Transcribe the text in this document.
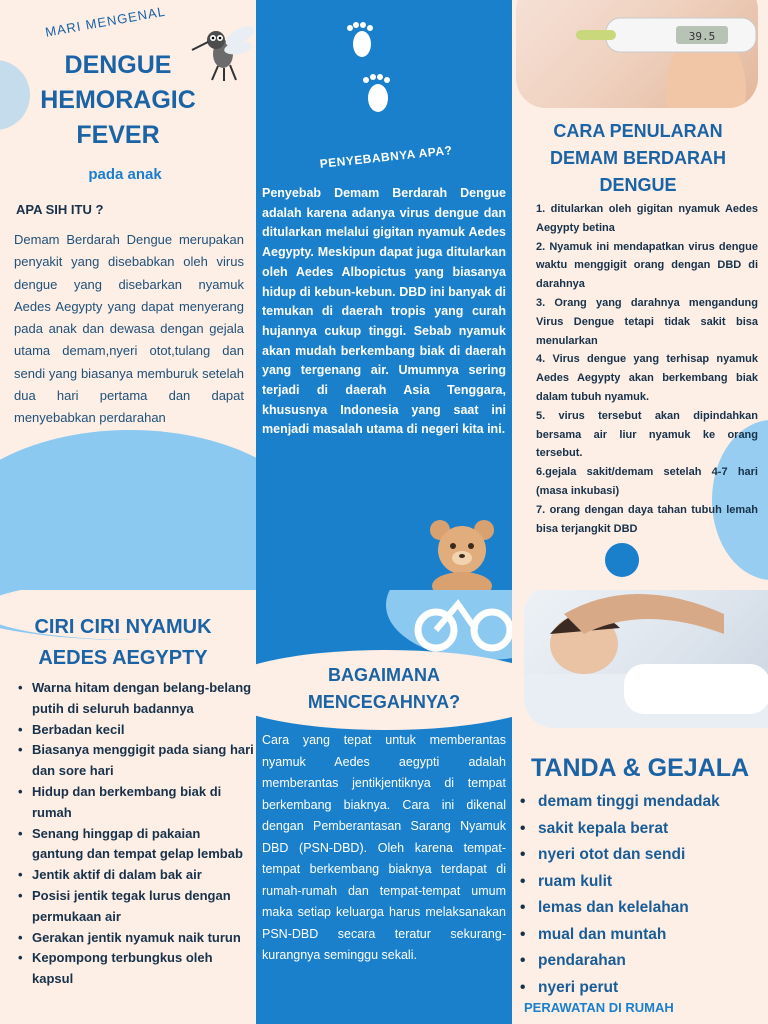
MARI MENGENAL
DENGUE HEMORAGIC FEVER
pada anak
APA SIH ITU ?

Demam Berdarah Dengue merupakan penyakit yang disebabkan oleh virus dengue yang disebarkan nyamuk Aedes Aegypty yang dapat menyerang pada anak dan dewasa dengan gejala utama demam,nyeri otot,tulang dan sendi yang biasanya memburuk setelah dua hari pertama dan dapat menyebabkan perdarahan

PENYEBABNYA APA?

Penyebab Demam Berdarah Dengue adalah karena adanya virus dengue dan ditularkan melalui gigitan nyamuk Aedes Aegypty. Meskipun dapat juga ditularkan oleh Aedes Albopictus yang biasanya hidup di kebun-kebun. DBD ini banyak di temukan di daerah tropis yang curah hujannya cukup tinggi. Sebab nyamuk akan mudah berkembang biak di daerah yang tergenang air. Umumnya sering terjadi di daerah Asia Tenggara, khususnya Indonesia yang saat ini menjadi masalah utama di negeri kita ini.

39.5
CARA PENULARAN DEMAM BERDARAH DENGUE
1. ditularkan oleh gigitan nyamuk Aedes Aegypty betina
2. Nyamuk ini mendapatkan virus dengue waktu menggigit orang dengan DBD di darahnya
3. Orang yang darahnya mengandung Virus Dengue tetapi tidak sakit bisa menularkan
4. Virus dengue yang terhisap nyamuk Aedes Aegypty akan berkembang biak dalam tubuh nyamuk.
5. virus tersebut akan dipindahkan bersama air liur nyamuk ke orang tersebut.
6.gejala sakit/demam setelah 4-7 hari (masa inkubasi)
7. orang dengan daya tahan tubuh lemah bisa terjangkit DBD
CIRI CIRI NYAMUK AEDES AEGYPTY
• Warna hitam dengan belang-belang putih di seluruh badannya
• Berbadan kecil
• Biasanya menggigit pada siang hari dan sore hari
• Hidup dan berkembang biak di rumah
• Senang hinggap di pakaian gantung dan tempat gelap lembab
• Jentik aktif di dalam bak air
• Posisi jentik tegak lurus dengan permukaan air
• Gerakan jentik nyamuk naik turun
• Kepompong terbungkus oleh kapsul
BAGAIMANA MENCEGAHNYA?

Cara yang tepat untuk memberantas nyamuk Aedes aegypti adalah memberantas jentikjentiknya di tempat berkembang biaknya. Cara ini dikenal dengan Pemberantasan Sarang Nyamuk DBD (PSN-DBD). Oleh karena tempat-tempat berkembang biaknya terdapat di rumah-rumah dan tempat-tempat umum maka setiap keluarga harus melaksanakan PSN-DBD secara teratur sekurang-kurangnya seminggu sekali.

TANDA & GEJALA
• demam tinggi mendadak
• sakit kepala berat
• nyeri otot dan sendi
• ruam kulit
• lemas dan kelelahan
• mual dan muntah
• pendarahan
• nyeri perut
PERAWATAN DI RUMAH
